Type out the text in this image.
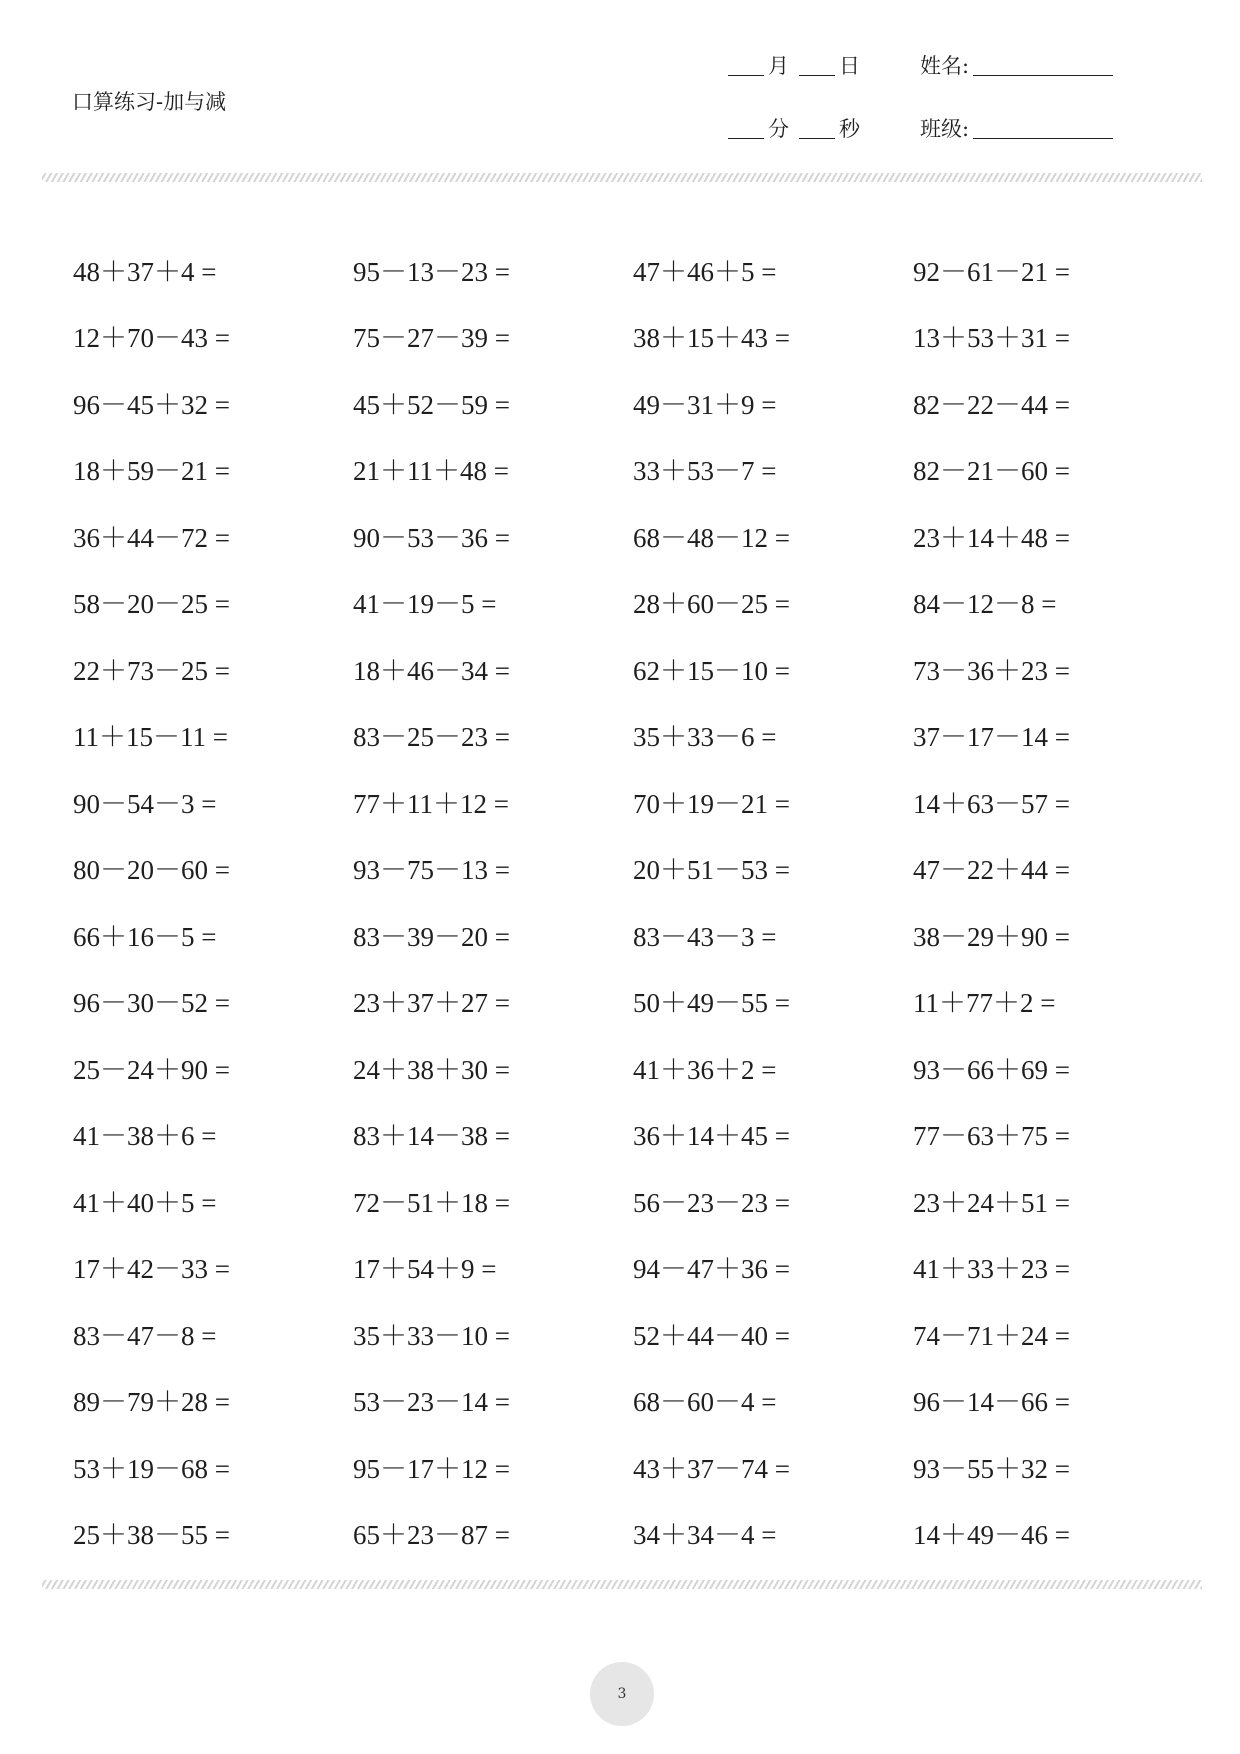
口算练习-加与减
月 日	姓名:
分 秒	班级:
48＋37＋4 =	95－13－23 =	47＋46＋5 =	92－61－21 =
12＋70－43 =	75－27－39 =	38＋15＋43 =	13＋53＋31 =
96－45＋32 =	45＋52－59 =	49－31＋9 =	82－22－44 =
18＋59－21 =	21＋11＋48 =	33＋53－7 =	82－21－60 =
36＋44－72 =	90－53－36 =	68－48－12 =	23＋14＋48 =
58－20－25 =	41－19－5 =	28＋60－25 =	84－12－8 =
22＋73－25 =	18＋46－34 =	62＋15－10 =	73－36＋23 =
11＋15－11 =	83－25－23 =	35＋33－6 =	37－17－14 =
90－54－3 =	77＋11＋12 =	70＋19－21 =	14＋63－57 =
80－20－60 =	93－75－13 =	20＋51－53 =	47－22＋44 =
66＋16－5 =	83－39－20 =	83－43－3 =	38－29＋90 =
96－30－52 =	23＋37＋27 =	50＋49－55 =	11＋77＋2 =
25－24＋90 =	24＋38＋30 =	41＋36＋2 =	93－66＋69 =
41－38＋6 =	83＋14－38 =	36＋14＋45 =	77－63＋75 =
41＋40＋5 =	72－51＋18 =	56－23－23 =	23＋24＋51 =
17＋42－33 =	17＋54＋9 =	94－47＋36 =	41＋33＋23 =
83－47－8 =	35＋33－10 =	52＋44－40 =	74－71＋24 =
89－79＋28 =	53－23－14 =	68－60－4 =	96－14－66 =
53＋19－68 =	95－17＋12 =	43＋37－74 =	93－55＋32 =
25＋38－55 =	65＋23－87 =	34＋34－4 =	14＋49－46 =
3
